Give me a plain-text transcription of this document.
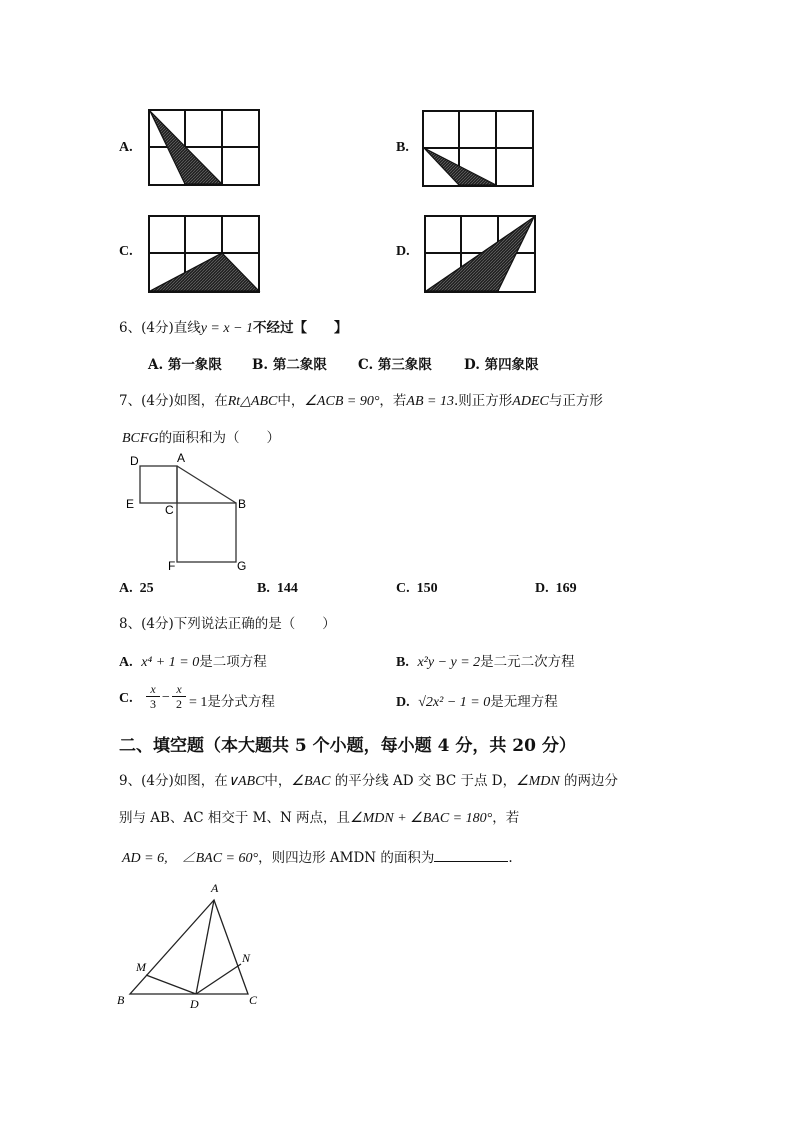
A.	B.
C.	D.
6、(4分)直线y = x − 1不经过【　　】
A. 第一象限 B. 第二象限 C. 第三象限 D. 第四象限
7、(4分)如图，在Rt△ABC中，∠ACB = 90°，若AB = 13.则正方形ADEC与正方形
BCFG的面积和为（　　）
D	A
E	C	B
F	G
A. 25	B. 144	C. 150	D. 169
8、(4分)下列说法正确的是（　　）
A. x⁴ + 1 = 0是二项方程	B. x²y − y = 2是二元二次方程
C.
x
3 −
x
2 = 1是分式方程	D. √2x² − 1 = 0是无理方程
二、填空题（本大题共 5 个小题，每小题 4 分，共 20 分）
9、(4分)如图，在∨ABC中，∠BAC 的平分线 AD 交 BC 于点 D，∠MDN 的两边分
别与 AB、AC 相交于 M、N 两点，且∠MDN + ∠BAC = 180°，若
AD = 6,　∠BAC = 60°，则四边形 AMDN 的面积为	.
A
M
N
B	D	C
